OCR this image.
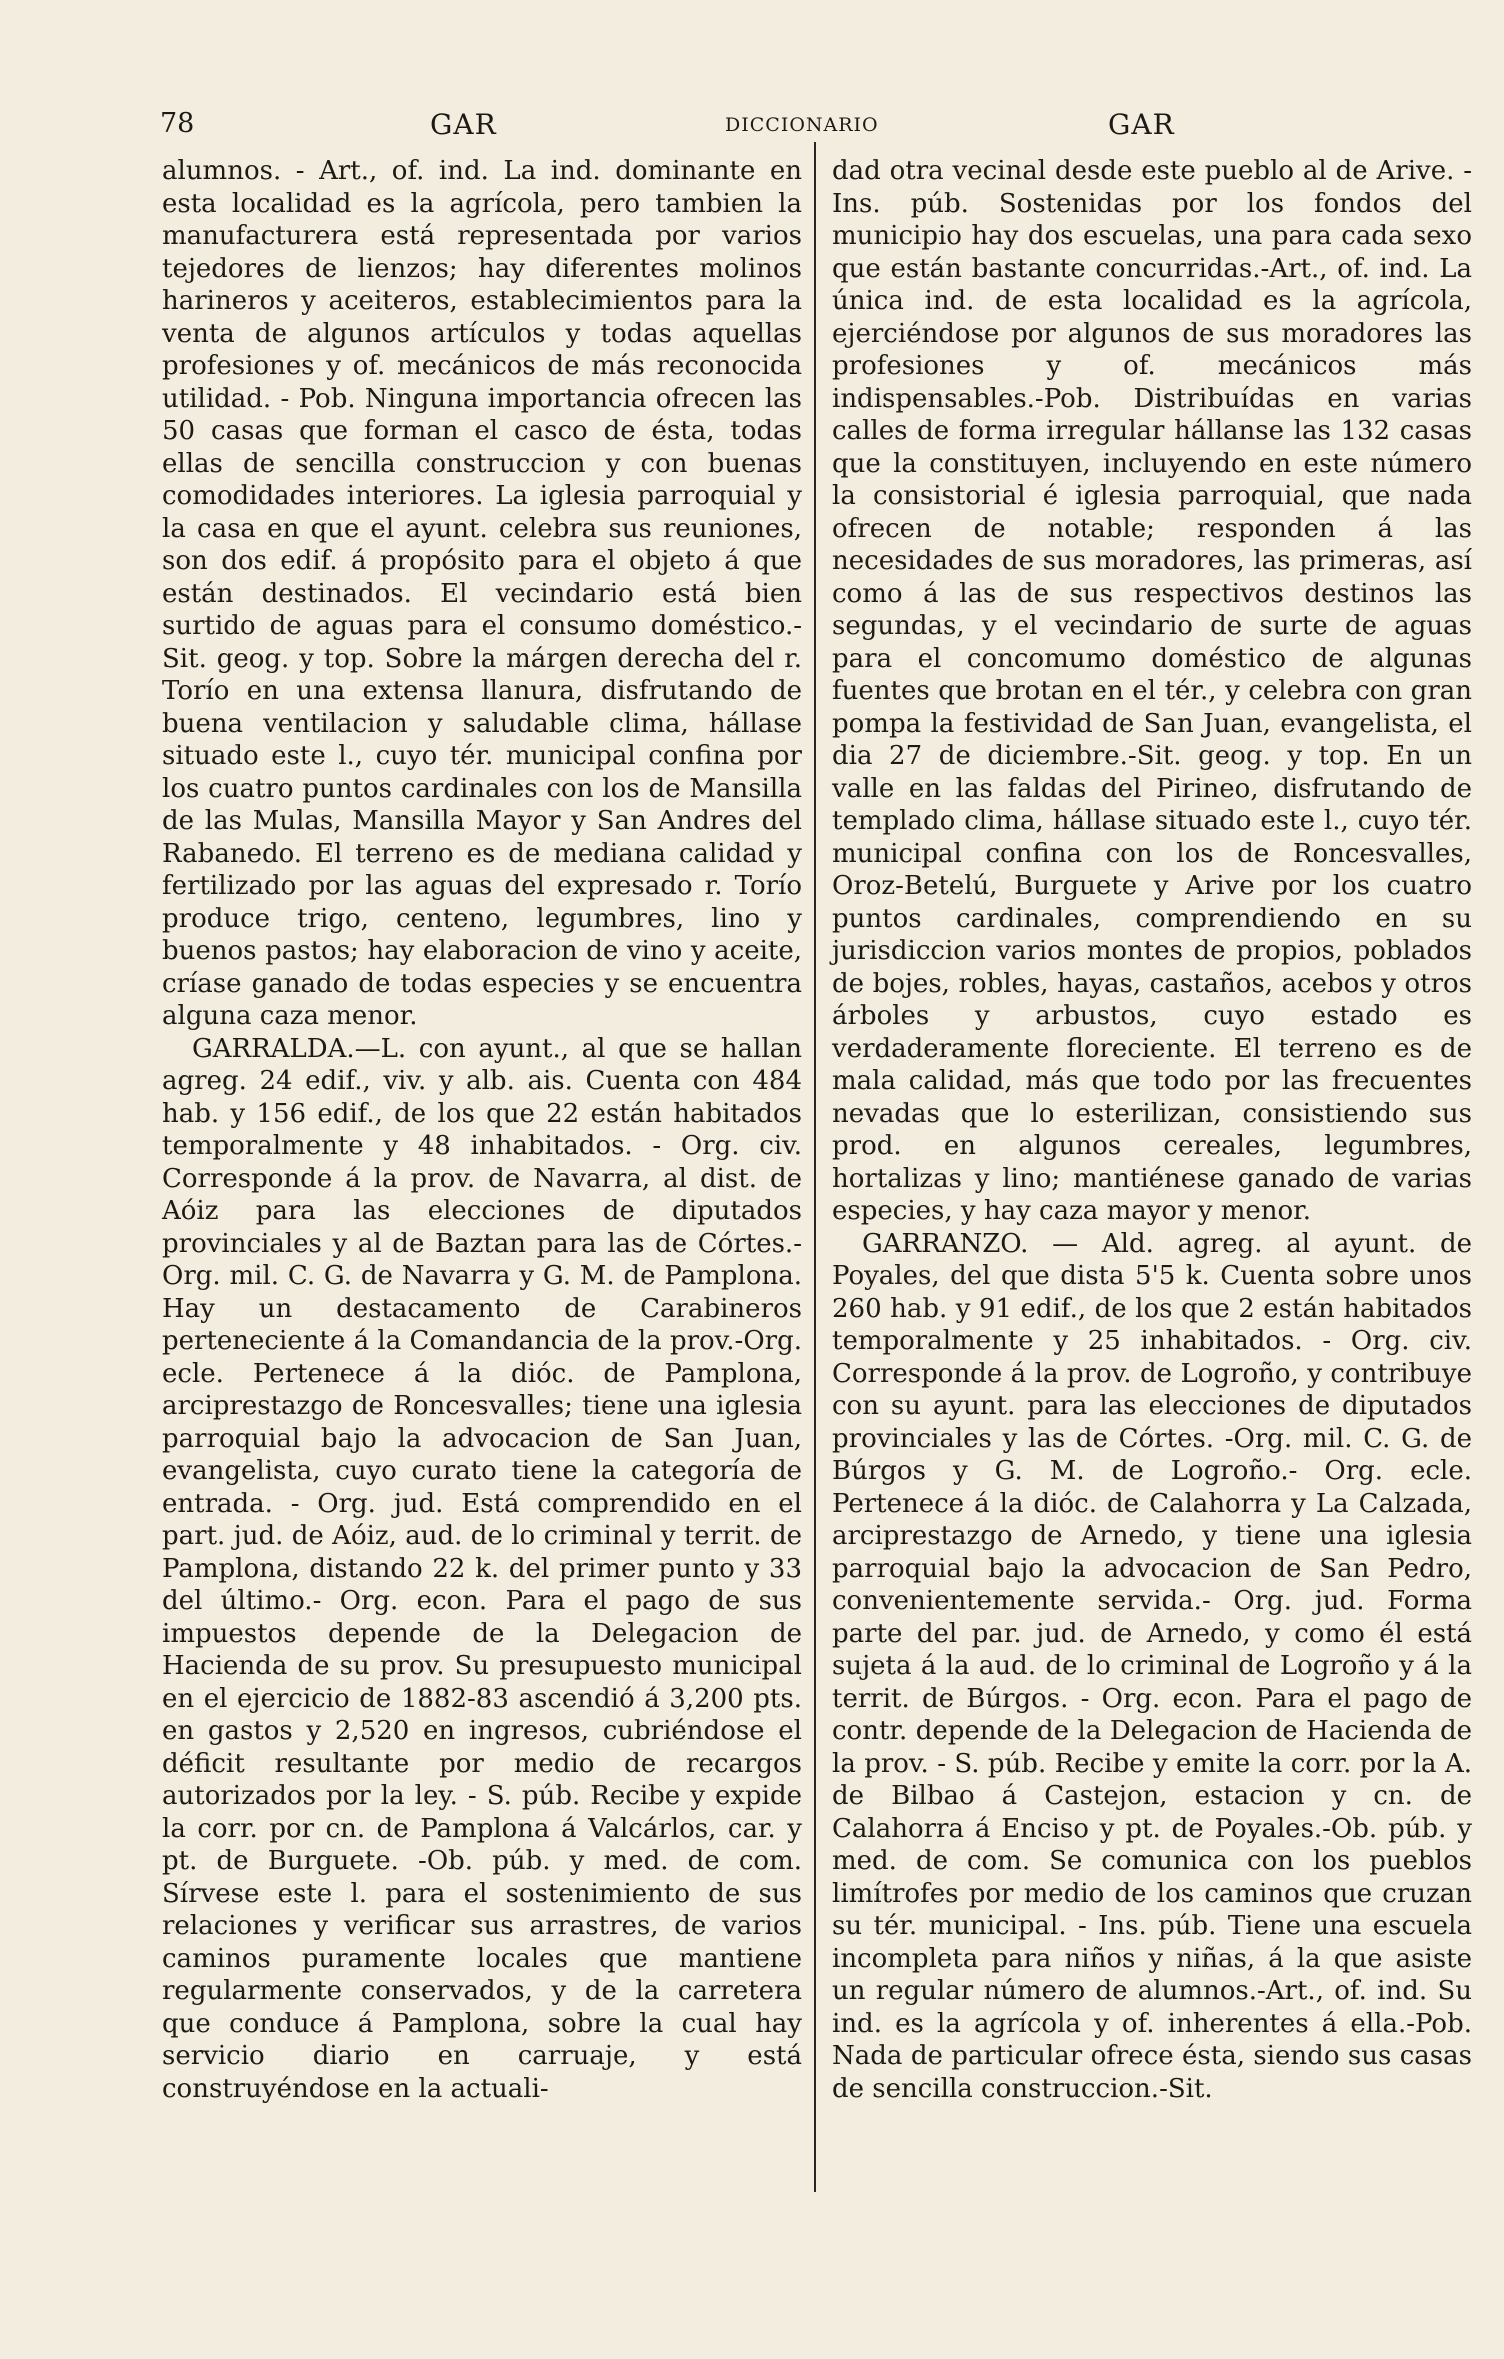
78	GAR	DICCIONARIO	GAR

alumnos. - Art., of. ind. La ind. dominante en esta localidad es la agrícola, pero tambien la manufacturera está representada por varios tejedores de lienzos; hay diferentes molinos harineros y aceiteros, establecimientos para la venta de algunos artículos y todas aquellas profesiones y of. mecánicos de más reconocida utilidad. - Pob. Ninguna importancia ofrecen las 50 casas que forman el casco de ésta, todas ellas de sencilla construccion y con buenas comodidades interiores. La iglesia parroquial y la casa en que el ayunt. celebra sus reuniones, son dos edif. á propósito para el objeto á que están destinados. El vecindario está bien surtido de aguas para el consumo doméstico.-Sit. geog. y top. Sobre la márgen derecha del r. Torío en una extensa llanura, disfrutando de buena ventilacion y saludable clima, hállase situado este l., cuyo tér. municipal confina por los cuatro puntos cardinales con los de Mansilla de las Mulas, Mansilla Mayor y San Andres del Rabanedo. El terreno es de mediana calidad y fertilizado por las aguas del expresado r. Torío produce trigo, centeno, legumbres, lino y buenos pastos; hay elaboracion de vino y aceite, críase ganado de todas especies y se encuentra alguna caza menor.

GARRALDA.—L. con ayunt., al que se hallan agreg. 24 edif., viv. y alb. ais. Cuenta con 484 hab. y 156 edif., de los que 22 están habitados temporalmente y 48 inhabitados. - Org. civ. Corresponde á la prov. de Navarra, al dist. de Aóiz para las elecciones de diputados provinciales y al de Baztan para las de Córtes.-Org. mil. C. G. de Navarra y G. M. de Pamplona. Hay un destacamento de Carabineros perteneciente á la Comandancia de la prov.-Org. ecle. Pertenece á la dióc. de Pamplona, arciprestazgo de Roncesvalles; tiene una iglesia parroquial bajo la advocacion de San Juan, evangelista, cuyo curato tiene la categoría de entrada. - Org. jud. Está comprendido en el part. jud. de Aóiz, aud. de lo criminal y territ. de Pamplona, distando 22 k. del primer punto y 33 del último.- Org. econ. Para el pago de sus impuestos depende de la Delegacion de Hacienda de su prov. Su presupuesto municipal en el ejercicio de 1882-83 ascendió á 3,200 pts. en gastos y 2,520 en ingresos, cubriéndose el déficit resultante por medio de recargos autorizados por la ley. - S. púb. Recibe y expide la corr. por cn. de Pamplona á Valcárlos, car. y pt. de Burguete. -Ob. púb. y med. de com. Sírvese este l. para el sostenimiento de sus relaciones y verificar sus arrastres, de varios caminos puramente locales que mantiene regularmente conservados, y de la carretera que conduce á Pamplona, sobre la cual hay servicio diario en carruaje, y está construyéndose en la actuali-

dad otra vecinal desde este pueblo al de Arive. -Ins. púb. Sostenidas por los fondos del municipio hay dos escuelas, una para cada sexo que están bastante concurridas.-Art., of. ind. La única ind. de esta localidad es la agrícola, ejerciéndose por algunos de sus moradores las profesiones y of. mecánicos más indispensables.-Pob. Distribuídas en varias calles de forma irregular hállanse las 132 casas que la constituyen, incluyendo en este número la consistorial é iglesia parroquial, que nada ofrecen de notable; responden á las necesidades de sus moradores, las primeras, así como á las de sus respectivos destinos las segundas, y el vecindario de surte de aguas para el concomumo doméstico de algunas fuentes que brotan en el tér., y celebra con gran pompa la festividad de San Juan, evangelista, el dia 27 de diciembre.-Sit. geog. y top. En un valle en las faldas del Pirineo, disfrutando de templado clima, hállase situado este l., cuyo tér. municipal confina con los de Roncesvalles, Oroz-Betelú, Burguete y Arive por los cuatro puntos cardinales, comprendiendo en su jurisdiccion varios montes de propios, poblados de bojes, robles, hayas, castaños, acebos y otros árboles y arbustos, cuyo estado es verdaderamente floreciente. El terreno es de mala calidad, más que todo por las frecuentes nevadas que lo esterilizan, consistiendo sus prod. en algunos cereales, legumbres, hortalizas y lino; mantiénese ganado de varias especies, y hay caza mayor y menor.

GARRANZO. — Ald. agreg. al ayunt. de Poyales, del que dista 5'5 k. Cuenta sobre unos 260 hab. y 91 edif., de los que 2 están habitados temporalmente y 25 inhabitados. - Org. civ. Corresponde á la prov. de Logroño, y contribuye con su ayunt. para las elecciones de diputados provinciales y las de Córtes. -Org. mil. C. G. de Búrgos y G. M. de Logroño.- Org. ecle. Pertenece á la dióc. de Calahorra y La Calzada, arciprestazgo de Arnedo, y tiene una iglesia parroquial bajo la advocacion de San Pedro, convenientemente servida.- Org. jud. Forma parte del par. jud. de Arnedo, y como él está sujeta á la aud. de lo criminal de Logroño y á la territ. de Búrgos. - Org. econ. Para el pago de contr. depende de la Delegacion de Hacienda de la prov. - S. púb. Recibe y emite la corr. por la A. de Bilbao á Castejon, estacion y cn. de Calahorra á Enciso y pt. de Poyales.-Ob. púb. y med. de com. Se comunica con los pueblos limítrofes por medio de los caminos que cruzan su tér. municipal. - Ins. púb. Tiene una escuela incompleta para niños y niñas, á la que asiste un regular número de alumnos.-Art., of. ind. Su ind. es la agrícola y of. inherentes á ella.-Pob. Nada de particular ofrece ésta, siendo sus casas de sencilla construccion.-Sit.
